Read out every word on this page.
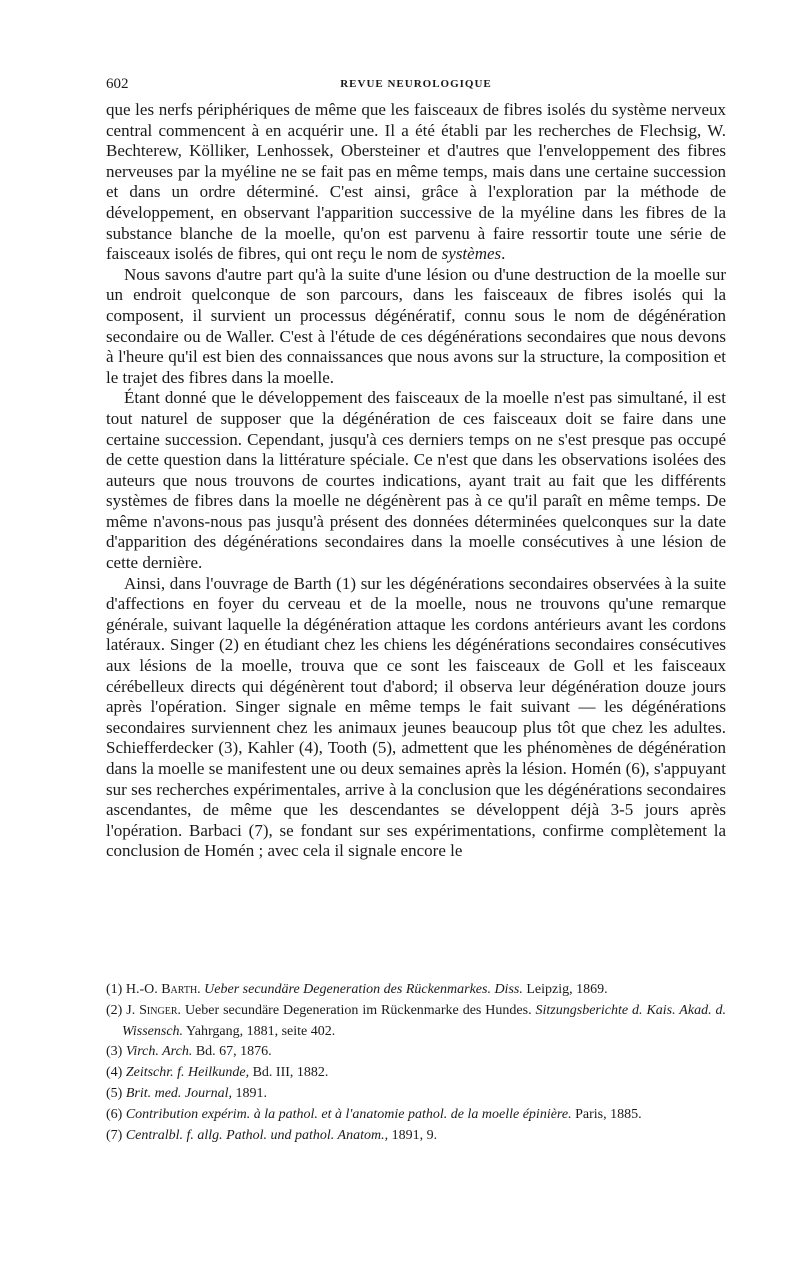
602	REVUE NEUROLOGIQUE

que les nerfs périphériques de même que les faisceaux de fibres isolés du système nerveux central commencent à en acquérir une. Il a été établi par les recherches de Flechsig, W. Bechterew, Kölliker, Lenhossek, Obersteiner et d'autres que l'enveloppement des fibres nerveuses par la myéline ne se fait pas en même temps, mais dans une certaine succession et dans un ordre déterminé. C'est ainsi, grâce à l'exploration par la méthode de développement, en observant l'apparition successive de la myéline dans les fibres de la substance blanche de la moelle, qu'on est parvenu à faire ressortir toute une série de faisceaux isolés de fibres, qui ont reçu le nom de systèmes.

Nous savons d'autre part qu'à la suite d'une lésion ou d'une destruction de la moelle sur un endroit quelconque de son parcours, dans les faisceaux de fibres isolés qui la composent, il survient un processus dégénératif, connu sous le nom de dégénération secondaire ou de Waller. C'est à l'étude de ces dégénérations secondaires que nous devons à l'heure qu'il est bien des connaissances que nous avons sur la structure, la composition et le trajet des fibres dans la moelle.

Étant donné que le développement des faisceaux de la moelle n'est pas simultané, il est tout naturel de supposer que la dégénération de ces faisceaux doit se faire dans une certaine succession. Cependant, jusqu'à ces derniers temps on ne s'est presque pas occupé de cette question dans la littérature spéciale. Ce n'est que dans les observations isolées des auteurs que nous trouvons de courtes indications, ayant trait au fait que les différents systèmes de fibres dans la moelle ne dégénèrent pas à ce qu'il paraît en même temps. De même n'avons-nous pas jusqu'à présent des données déterminées quelconques sur la date d'apparition des dégénérations secondaires dans la moelle consécutives à une lésion de cette dernière.

Ainsi, dans l'ouvrage de Barth (1) sur les dégénérations secondaires observées à la suite d'affections en foyer du cerveau et de la moelle, nous ne trouvons qu'une remarque générale, suivant laquelle la dégénération attaque les cordons antérieurs avant les cordons latéraux. Singer (2) en étudiant chez les chiens les dégénérations secondaires consécutives aux lésions de la moelle, trouva que ce sont les faisceaux de Goll et les faisceaux cérébelleux directs qui dégénèrent tout d'abord; il observa leur dégénération douze jours après l'opération. Singer signale en même temps le fait suivant — les dégénérations secondaires surviennent chez les animaux jeunes beaucoup plus tôt que chez les adultes. Schiefferdecker (3), Kahler (4), Tooth (5), admettent que les phénomènes de dégénération dans la moelle se manifestent une ou deux semaines après la lésion. Homén (6), s'appuyant sur ses recherches expérimentales, arrive à la conclusion que les dégénérations secondaires ascendantes, de même que les descendantes se développent déjà 3-5 jours après l'opération. Barbaci (7), se fondant sur ses expérimentations, confirme complètement la conclusion de Homén ; avec cela il signale encore le

(1) H.-O. Barth. Ueber secundäre Degeneration des Rückenmarkes. Diss. Leipzig, 1869.

(2) J. Singer. Ueber secundäre Degeneration im Rückenmarke des Hundes. Sitzungsberichte d. Kais. Akad. d. Wissensch. Yahrgang, 1881, seite 402.

(3) Virch. Arch. Bd. 67, 1876.

(4) Zeitschr. f. Heilkunde, Bd. III, 1882.

(5) Brit. med. Journal, 1891.

(6) Contribution expérim. à la pathol. et à l'anatomie pathol. de la moelle épinière. Paris, 1885.

(7) Centralbl. f. allg. Pathol. und pathol. Anatom., 1891, 9.
